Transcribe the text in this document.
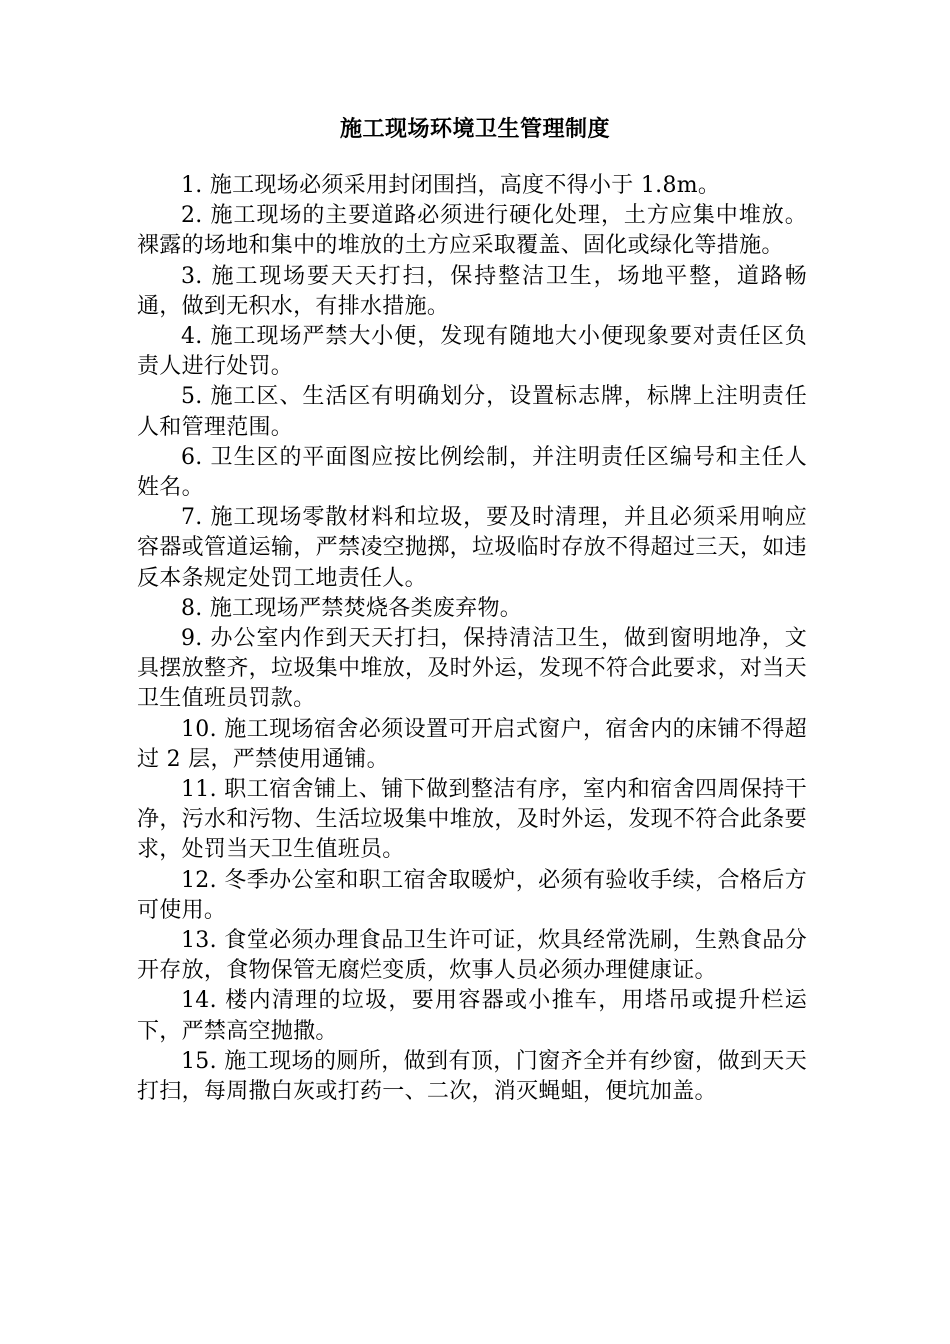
施工现场环境卫生管理制度

1. 施工现场必须采用封闭围挡，高度不得小于 1.8m。

2. 施工现场的主要道路必须进行硬化处理，土方应集中堆放。裸露的场地和集中的堆放的土方应采取覆盖、固化或绿化等措施。

3. 施工现场要天天打扫，保持整洁卫生，场地平整，道路畅通，做到无积水，有排水措施。

4. 施工现场严禁大小便，发现有随地大小便现象要对责任区负责人进行处罚。

5. 施工区、生活区有明确划分，设置标志牌，标牌上注明责任人和管理范围。

6. 卫生区的平面图应按比例绘制，并注明责任区编号和主任人姓名。

7. 施工现场零散材料和垃圾，要及时清理，并且必须采用响应容器或管道运输，严禁凌空抛掷，垃圾临时存放不得超过三天，如违反本条规定处罚工地责任人。

8. 施工现场严禁焚烧各类废弃物。

9. 办公室内作到天天打扫，保持清洁卫生，做到窗明地净，文具摆放整齐，垃圾集中堆放，及时外运，发现不符合此要求，对当天卫生值班员罚款。

10. 施工现场宿舍必须设置可开启式窗户，宿舍内的床铺不得超过 2 层，严禁使用通铺。

11. 职工宿舍铺上、铺下做到整洁有序，室内和宿舍四周保持干净，污水和污物、生活垃圾集中堆放，及时外运，发现不符合此条要求，处罚当天卫生值班员。

12. 冬季办公室和职工宿舍取暖炉，必须有验收手续，合格后方可使用。

13. 食堂必须办理食品卫生许可证，炊具经常洗刷，生熟食品分开存放，食物保管无腐烂变质，炊事人员必须办理健康证。

14. 楼内清理的垃圾，要用容器或小推车，用塔吊或提升栏运下，严禁高空抛撒。

15. 施工现场的厕所，做到有顶，门窗齐全并有纱窗，做到天天打扫，每周撒白灰或打药一、二次，消灭蝇蛆，便坑加盖。
